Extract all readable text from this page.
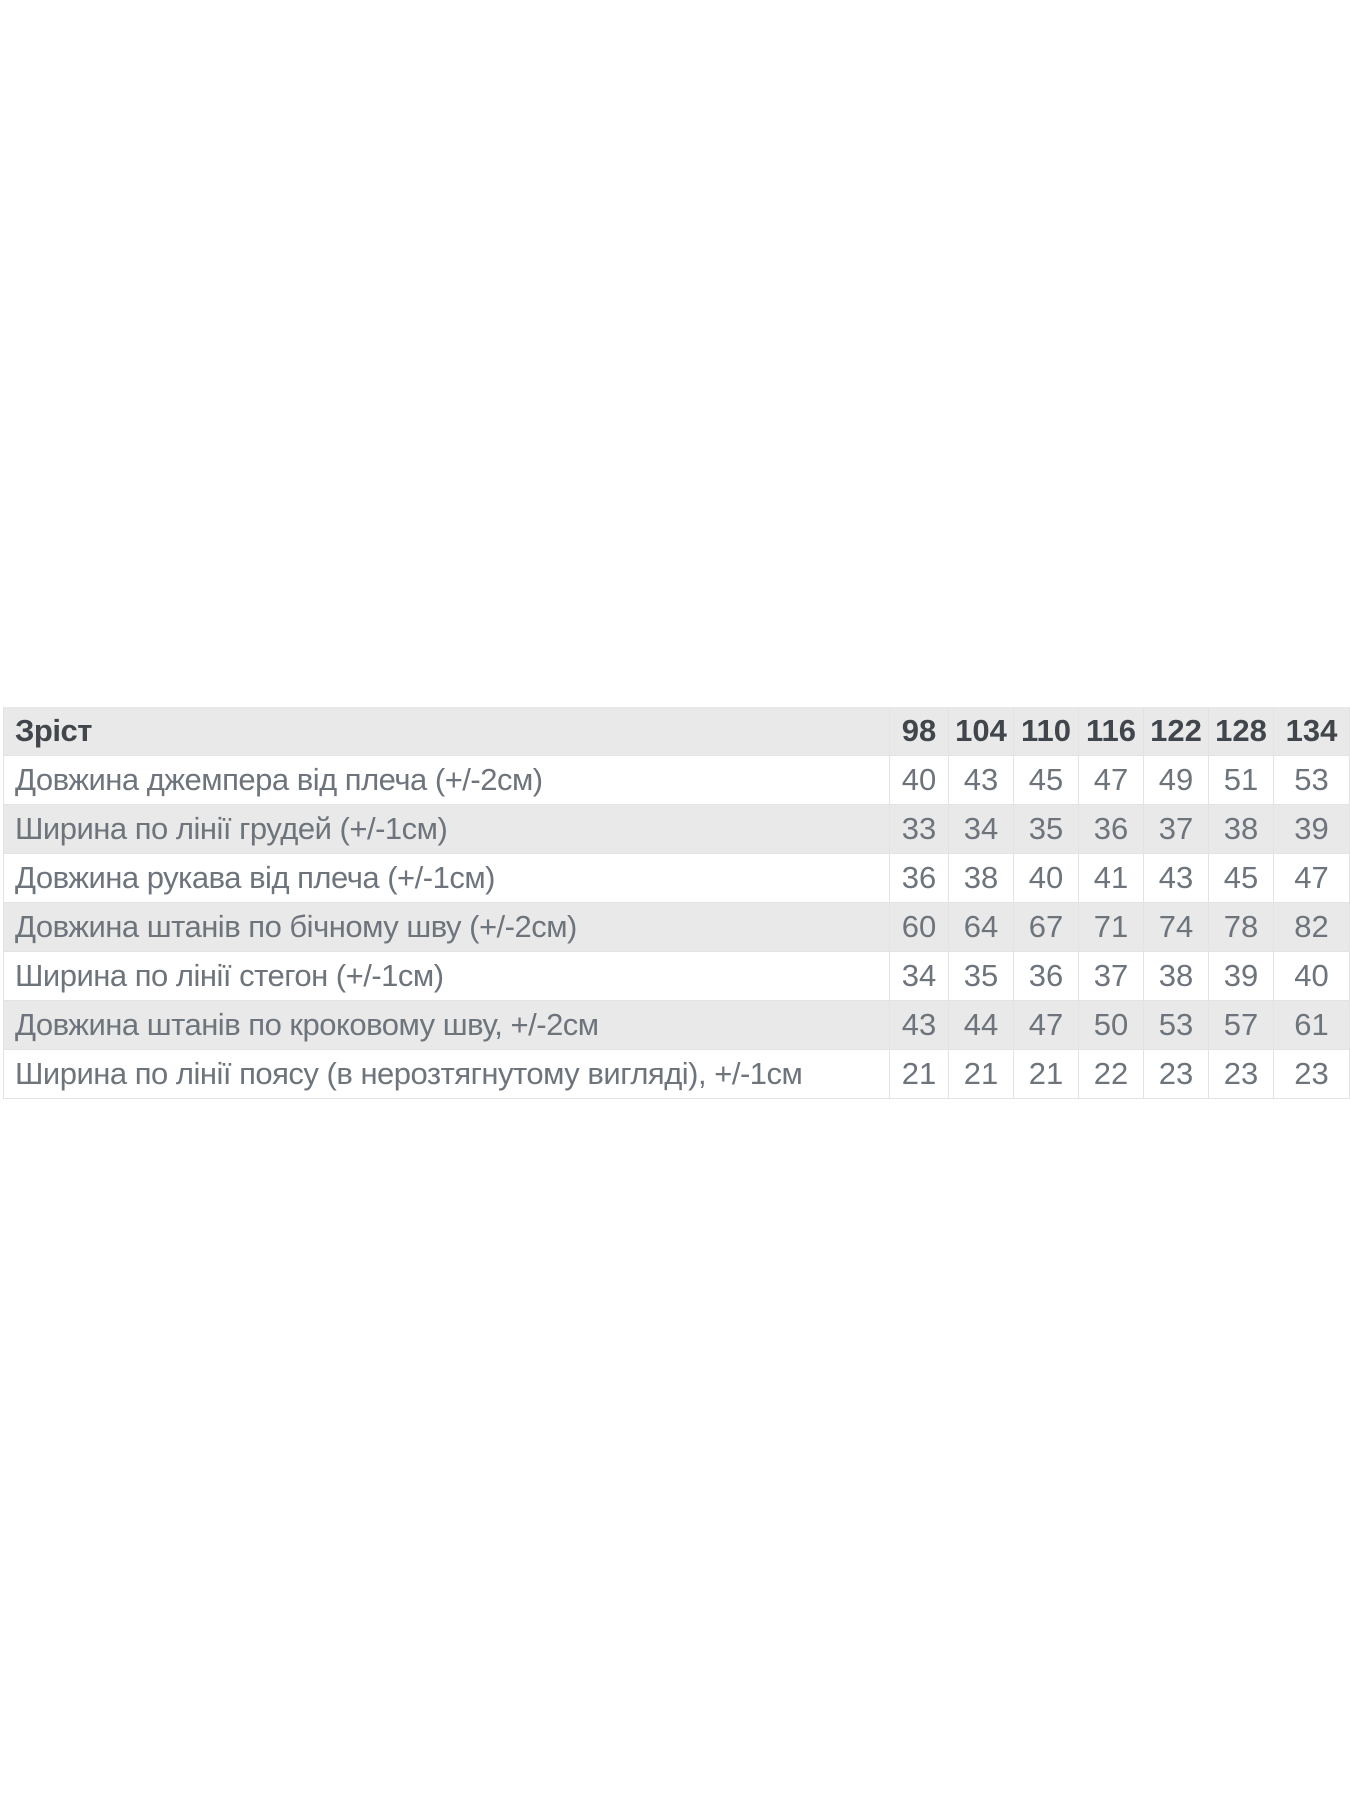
Зріст	98	104	110	116	122	128	134
Довжина джемпера від плеча (+/-2см)	40	43	45	47	49	51	53
Ширина по лінії грудей (+/-1см)	33	34	35	36	37	38	39
Довжина рукава від плеча (+/-1см)	36	38	40	41	43	45	47
Довжина штанів по бічному шву (+/-2см)	60	64	67	71	74	78	82
Ширина по лінії стегон (+/-1см)	34	35	36	37	38	39	40
Довжина штанів по кроковому шву, +/-2см	43	44	47	50	53	57	61
Ширина по лінії поясу (в нерозтягнутому вигляді), +/-1см	21	21	21	22	23	23	23
